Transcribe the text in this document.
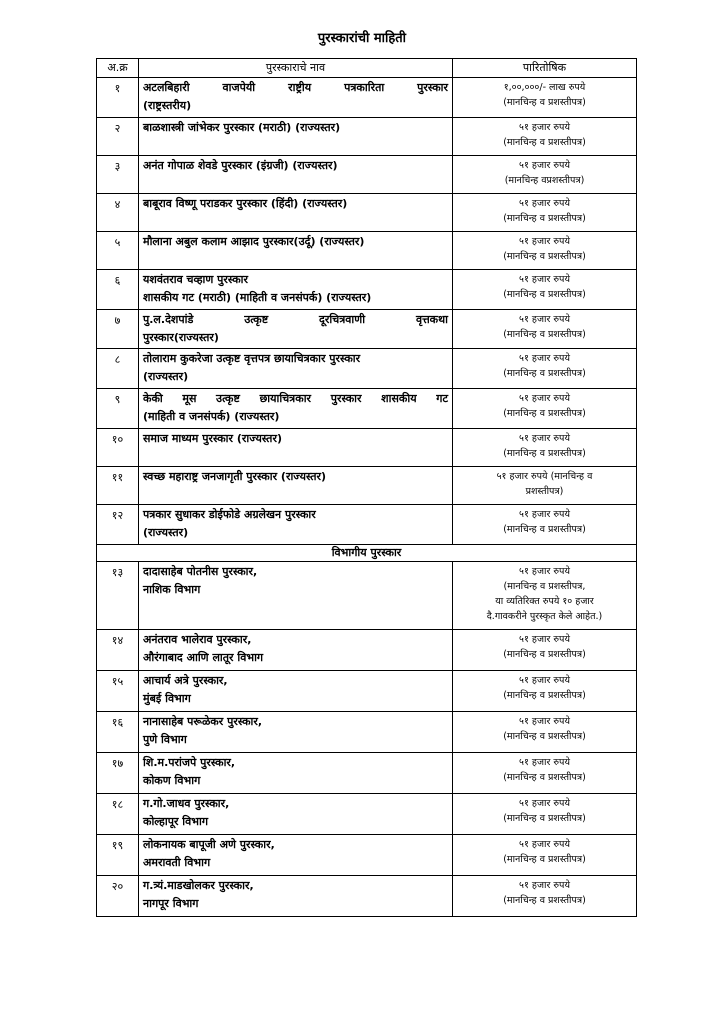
पुरस्कारांची माहिती
अ.क्र	पुरस्काराचे नाव	पारितोषिक
१	अटलबिहारी वाजपेयी राष्ट्रीय पत्रकारिता पुरस्कार
(राष्ट्रस्तरीय)	१,००,०००/- लाख रुपये
(मानचिन्ह व प्रशस्तीपत्र)

२	बाळशास्त्री जांभेकर पुरस्कार (मराठी) (राज्यस्तर)	५१ हजार रुपये
(मानचिन्ह व प्रशस्तीपत्र)

३	अनंत गोपाळ शेवडे पुरस्कार (इंग्रजी) (राज्यस्तर)	५१ हजार रुपये
(मानचिन्ह वप्रशस्तीपत्र)

४	बाबूराव विष्णू पराडकर पुरस्कार (हिंदी) (राज्यस्तर)	५१ हजार रुपये
(मानचिन्ह व प्रशस्तीपत्र)

५	मौलाना अबुल कलाम आझाद पुरस्कार(उर्दू) (राज्यस्तर)	५१ हजार रुपये
(मानचिन्ह व प्रशस्तीपत्र)

६	यशवंतराव चव्हाण पुरस्कार
शासकीय गट (मराठी) (माहिती व जनसंपर्क) (राज्यस्तर)	५१ हजार रुपये
(मानचिन्ह व प्रशस्तीपत्र)

७	पु.ल.देशपांडे उत्कृष्ट दूरचित्रवाणी वृत्तकथा
पुरस्कार(राज्यस्तर)	५१ हजार रुपये
(मानचिन्ह व प्रशस्तीपत्र)

८	तोलाराम कुकरेजा उत्कृष्ट वृत्तपत्र छायाचित्रकार पुरस्कार
(राज्यस्तर)	५१ हजार रुपये
(मानचिन्ह व प्रशस्तीपत्र)

९	केकी मूस उत्कृष्ट छायाचित्रकार पुरस्कार शासकीय गट
(माहिती व जनसंपर्क) (राज्यस्तर)	५१ हजार रुपये
(मानचिन्ह व प्रशस्तीपत्र)

१०	समाज माध्यम पुरस्कार (राज्यस्तर)	५१ हजार रुपये
(मानचिन्ह व प्रशस्तीपत्र)

११	स्वच्छ महाराष्ट्र जनजागृती पुरस्कार (राज्यस्तर)	५१ हजार रुपये (मानचिन्ह व
प्रशस्तीपत्र)

१२	पत्रकार सुधाकर डोईफोडे अग्रलेखन पुरस्कार
(राज्यस्तर)	५१ हजार रुपये
(मानचिन्ह व प्रशस्तीपत्र)

विभागीय पुरस्कार		
१३	दादासाहेब पोतनीस पुरस्कार,
नाशिक विभाग	५१ हजार रुपये
(मानचिन्ह व प्रशस्तीपत्र,
या व्यतिरिक्त रुपये १० हजार
दै.गावकरीने पुरस्कृत केले आहेत.)

१४	अनंतराव भालेराव पुरस्कार,
औरंगाबाद आणि लातूर विभाग	५१ हजार रुपये
(मानचिन्ह व प्रशस्तीपत्र)

१५	आचार्य अत्रे पुरस्कार,
मुंबई विभाग	५१ हजार रुपये
(मानचिन्ह व प्रशस्तीपत्र)

१६	नानासाहेब परूळेकर पुरस्कार,
पुणे विभाग	५१ हजार रुपये
(मानचिन्ह व प्रशस्तीपत्र)

१७	शि.म.परांजपे पुरस्कार,
कोकण विभाग	५१ हजार रुपये
(मानचिन्ह व प्रशस्तीपत्र)

१८	ग.गो.जाधव पुरस्कार,
कोल्हापूर विभाग	५१ हजार रुपये
(मानचिन्ह व प्रशस्तीपत्र)

१९	लोकनायक बापूजी अणे पुरस्कार,
अमरावती विभाग	५१ हजार रुपये
(मानचिन्ह व प्रशस्तीपत्र)

२०	ग.त्र्यं.माडखोलकर पुरस्कार,
नागपूर विभाग	५१ हजार रुपये
(मानचिन्ह व प्रशस्तीपत्र)
